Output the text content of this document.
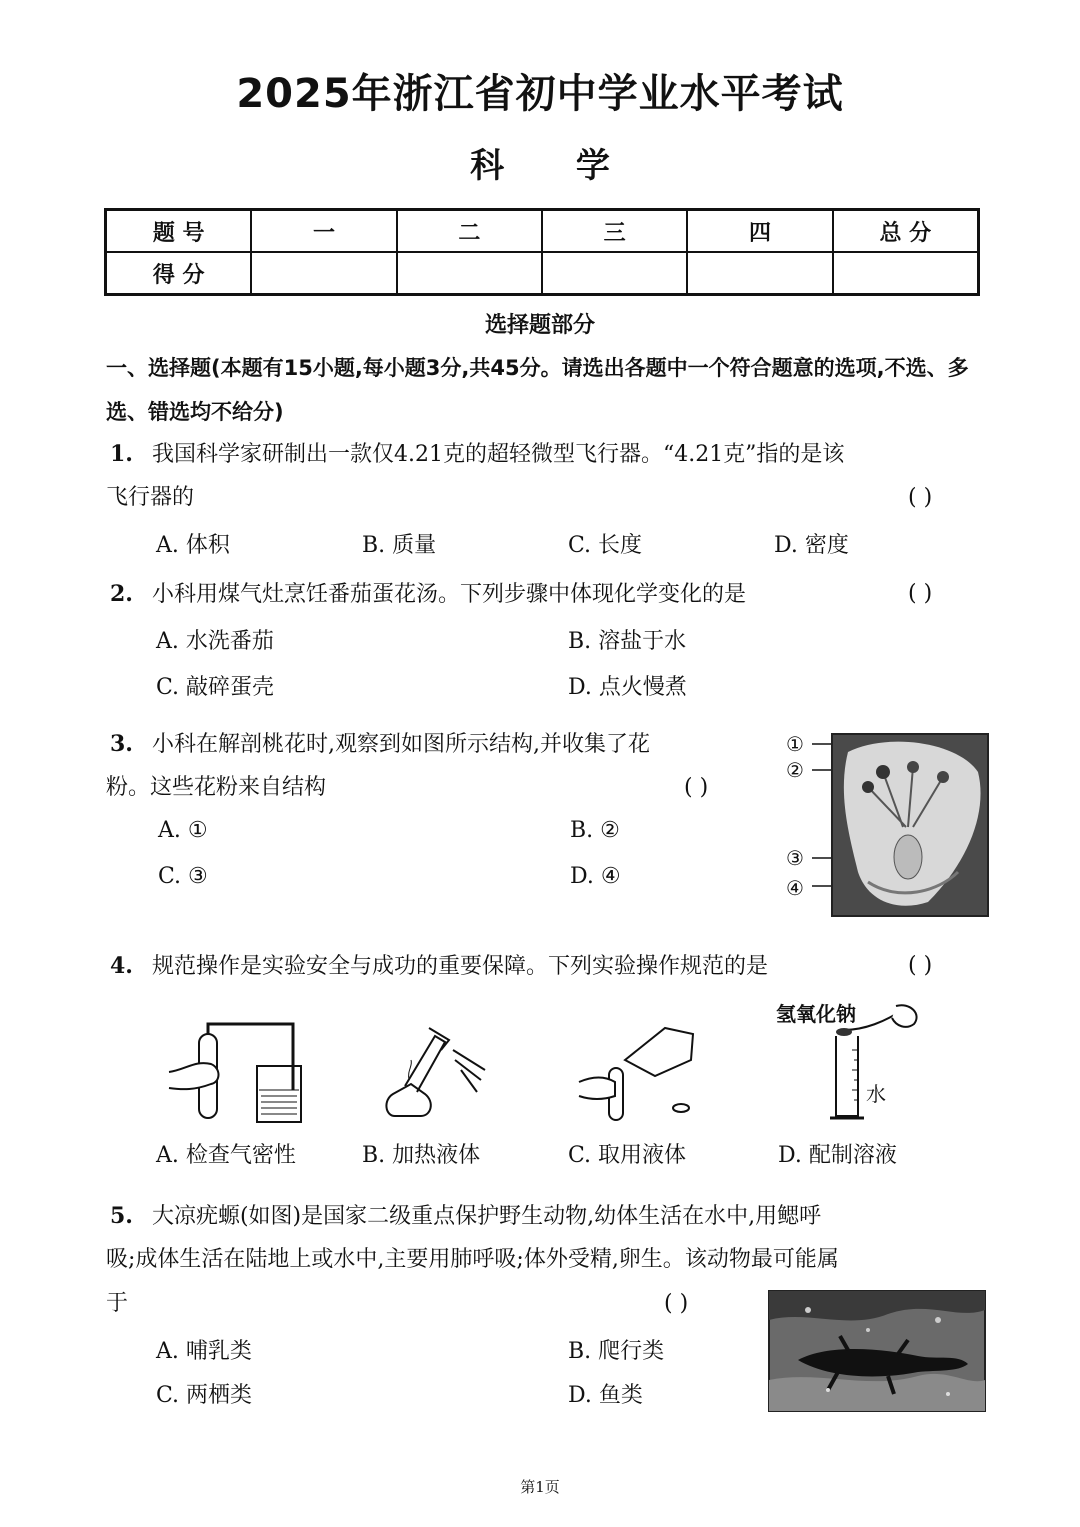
2025年浙江省初中学业水平考试
科 学
题 号	一	二	三	四	总 分
得 分					
选择题部分
一、选择题(本题有15小题,每小题3分,共45分。请选出各题中一个符合题意的选项,不选、多选、错选均不给分)
1. 我国科学家研制出一款仅4.21克的超轻微型飞行器。“4.21克”指的是该
飞行器的	( )
A. 体积	B. 质量	C. 长度	D. 密度
2. 小科用煤气灶烹饪番茄蛋花汤。下列步骤中体现化学变化的是	( )
A. 水洗番茄	B. 溶盐于水
C. 敲碎蛋壳	D. 点火慢煮
3. 小科在解剖桃花时,观察到如图所示结构,并收集了花
粉。这些花粉来自结构	( )
A. ①	B. ②
C. ③	D. ④
①
②
③
④
4. 规范操作是实验安全与成功的重要保障。下列实验操作规范的是	( )
氢氧化钠
水
A. 检查气密性	B. 加热液体	C. 取用液体	D. 配制溶液
5. 大凉疣螈(如图)是国家二级重点保护野生动物,幼体生活在水中,用鳃呼
吸;成体生活在陆地上或水中,主要用肺呼吸;体外受精,卵生。该动物最可能属
于	( )
A. 哺乳类	B. 爬行类
C. 两栖类	D. 鱼类
第1页
